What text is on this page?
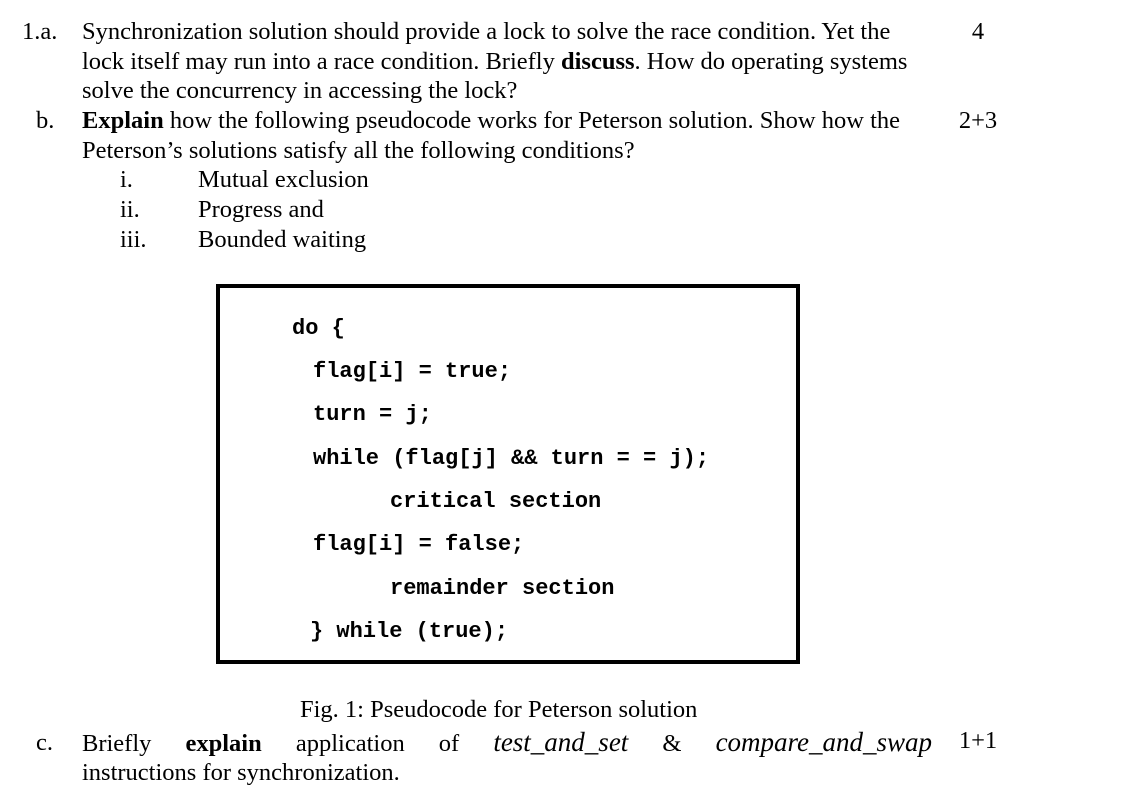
1.a. Synchronization solution should provide a lock to solve the race condition. Yet the lock itself may run into a race condition. Briefly discuss. How do operating systems solve the concurrency in accessing the lock?
4
b. Explain how the following pseudocode works for Peterson solution. Show how the Peterson’s solutions satisfy all the following conditions?
2+3
i.	Mutual exclusion
ii. Progress and
iii. Bounded waiting
do {
flag[i] = true;
turn = j;
while (flag[j] && turn = = j);
critical section
flag[i] = false;
remainder section
} while (true);
Fig. 1: Pseudocode for Peterson solution
c. Briefly explain application of test_and_set & compare_and_swap
instructions for synchronization.
1+1
